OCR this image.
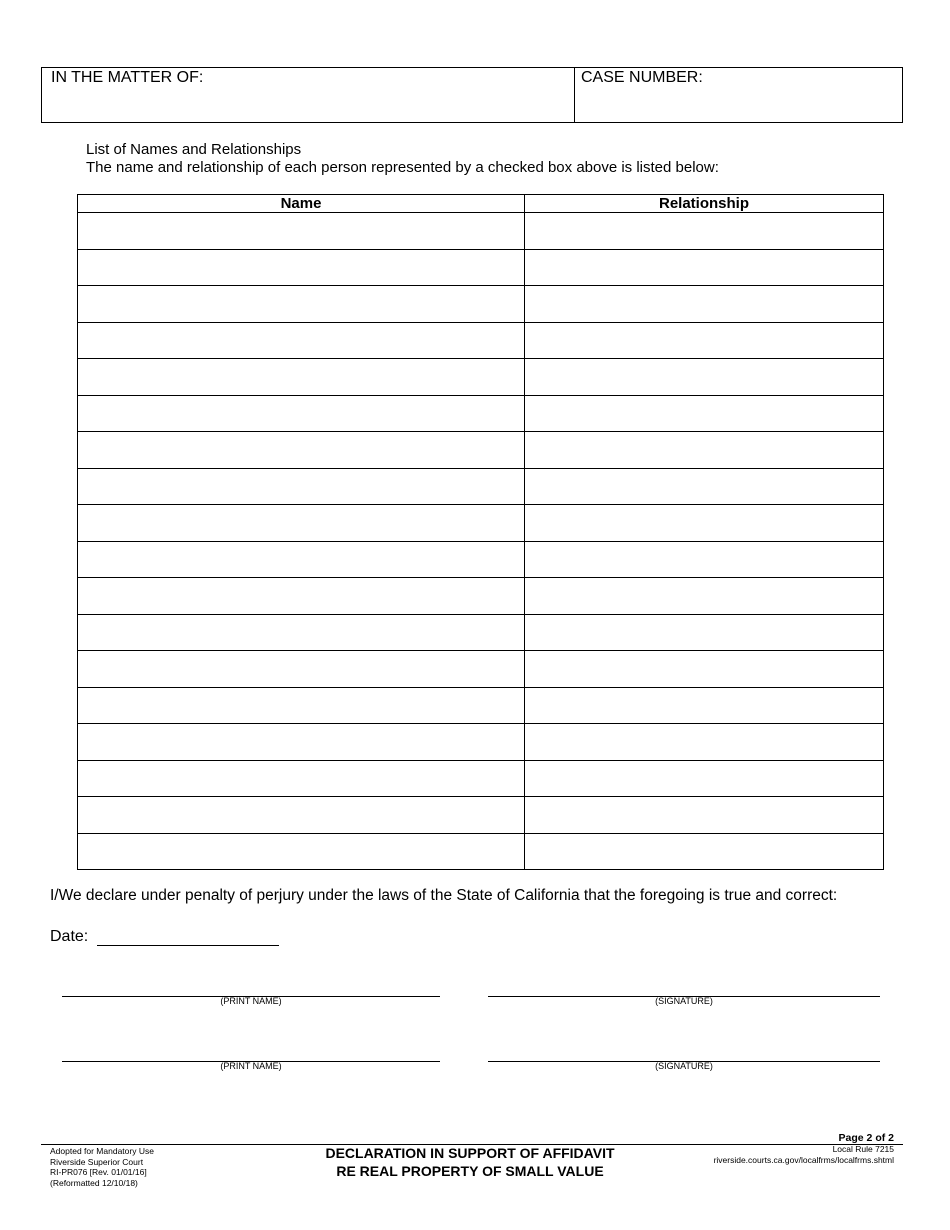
IN THE MATTER OF:	CASE NUMBER:
List of Names and Relationships
The name and relationship of each person represented by a checked box above is listed below:
Name	Relationship

I/We declare under penalty of perjury under the laws of the State of California that the foregoing is true and correct:
Date:
(PRINT NAME)	(SIGNATURE)
(PRINT NAME)	(SIGNATURE)
Adopted for Mandatory Use
Riverside Superior Court
RI-PR076 [Rev. 01/01/16]
(Reformatted 12/10/18)
DECLARATION IN SUPPORT OF AFFIDAVIT
RE REAL PROPERTY OF SMALL VALUE
Page 2 of 2
Local Rule 7215
riverside.courts.ca.gov/localfrms/localfrms.shtml
